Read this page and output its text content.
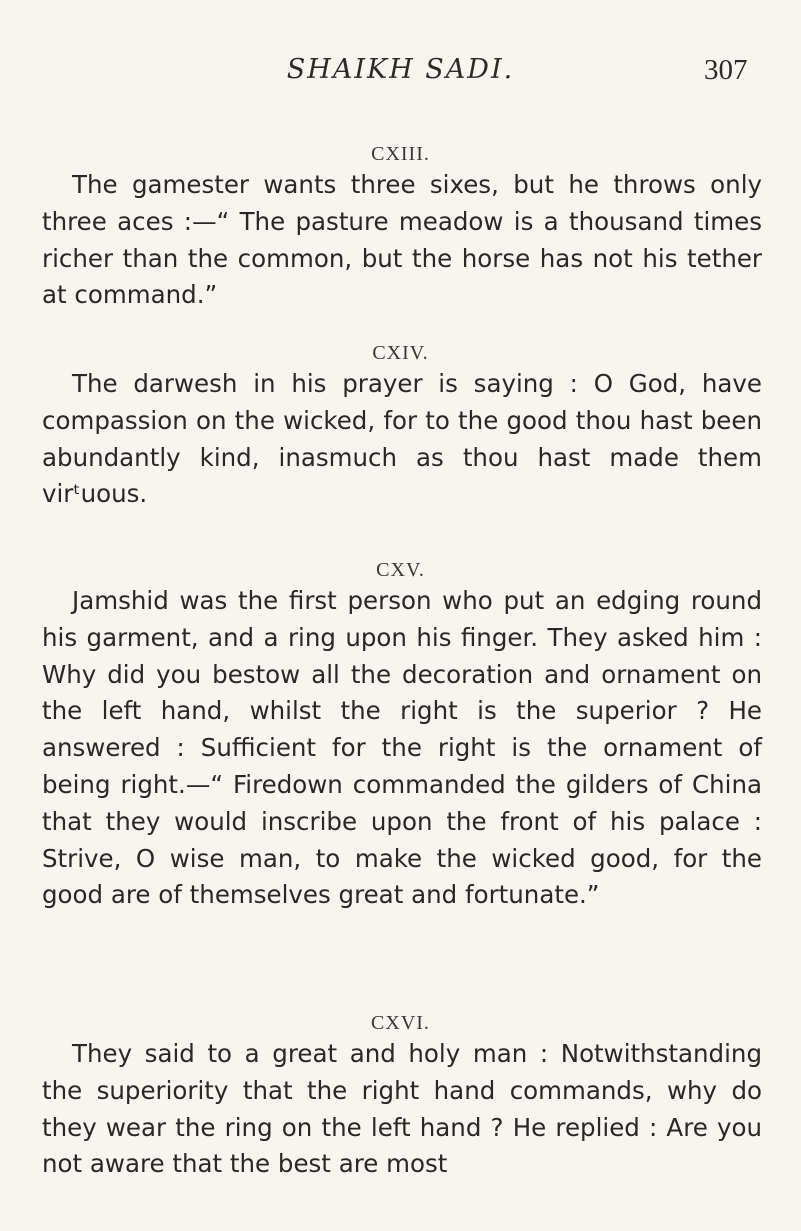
SHAIKH SADI.	307
CXIII.

The gamester wants three sixes, but he throws only three aces :—“ The pasture meadow is a thousand times richer than the common, but the horse has not his tether at command.”

CXIV.

The darwesh in his prayer is saying : O God, have compassion on the wicked, for to the good thou hast been abundantly kind, inasmuch as thou hast made them virᵗuous.

CXV.

Jamshid was the first person who put an edging round his garment, and a ring upon his finger. They asked him : Why did you bestow all the decoration and ornament on the left hand, whilst the right is the superior ? He answered : Sufficient for the right is the ornament of being right.—“ Firedown commanded the gilders of China that they would inscribe upon the front of his palace : Strive, O wise man, to make the wicked good, for the good are of themselves great and fortunate.”

CXVI.

They said to a great and holy man : Notwithstanding the superiority that the right hand commands, why do they wear the ring on the left hand ? He replied : Are you not aware that the best are most
